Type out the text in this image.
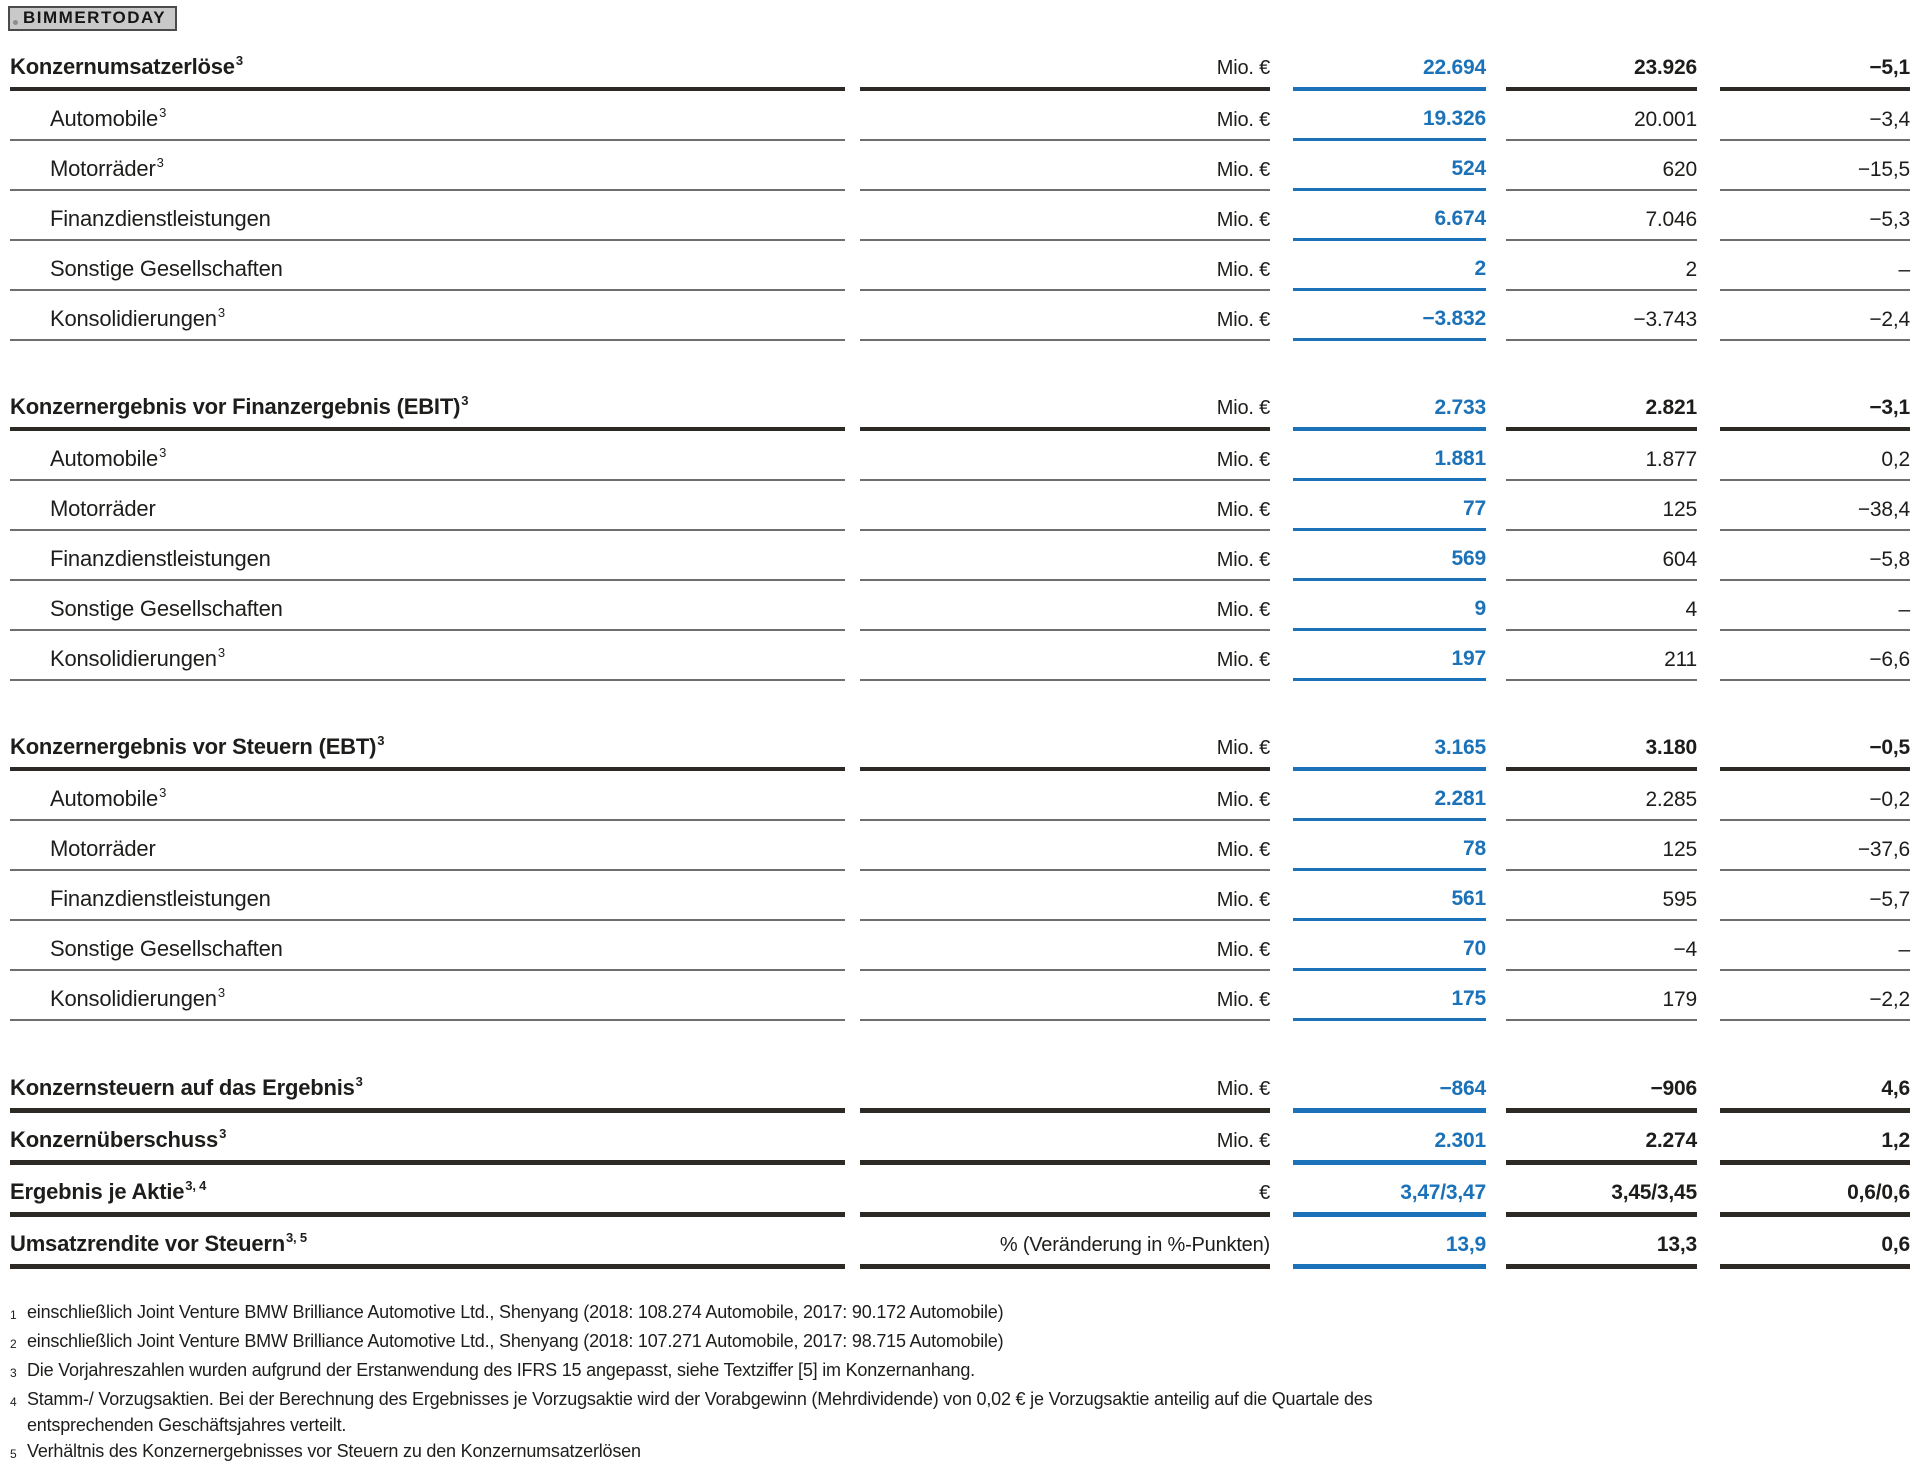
BIMMERTODAY
Konzernumsatzerlöse$^3$	Mio. €	22.694	23.926	−5,1
Automobile$^3$	Mio. €	19.326	20.001	−3,4
Motorräder$^3$	Mio. €	524	620	−15,5
Finanzdienstleistungen	Mio. €	6.674	7.046	−5,3
Sonstige Gesellschaften	Mio. €	2	2	–
Konsolidierungen$^3$	Mio. €	−3.832	−3.743	−2,4
Konzernergebnis vor Finanzergebnis (EBIT)$^3$	Mio. €	2.733	2.821	−3,1
Automobile$^3$	Mio. €	1.881	1.877	0,2
Motorräder	Mio. €	77	125	−38,4
Finanzdienstleistungen	Mio. €	569	604	−5,8
Sonstige Gesellschaften	Mio. €	9	4	–
Konsolidierungen$^3$	Mio. €	197	211	−6,6
Konzernergebnis vor Steuern (EBT)$^3$	Mio. €	3.165	3.180	−0,5
Automobile$^3$	Mio. €	2.281	2.285	−0,2
Motorräder	Mio. €	78	125	−37,6
Finanzdienstleistungen	Mio. €	561	595	−5,7
Sonstige Gesellschaften	Mio. €	70	−4	–
Konsolidierungen$^3$	Mio. €	175	179	−2,2
Konzernsteuern auf das Ergebnis$^3$	Mio. €	−864	−906	4,6
Konzernüberschuss$^3$	Mio. €	2.301	2.274	1,2
Ergebnis je Aktie$^{3, 4}$	€	3,47/3,47	3,45/3,45	0,6/0,6
Umsatzrendite vor Steuern$^{3, 5}$	% (Veränderung in %-Punkten)	13,9	13,3	0,6
1 einschließlich Joint Venture BMW Brilliance Automotive Ltd., Shenyang (2018: 108.274 Automobile, 2017: 90.172 Automobile)
2 einschließlich Joint Venture BMW Brilliance Automotive Ltd., Shenyang (2018: 107.271 Automobile, 2017: 98.715 Automobile)
3 Die Vorjahreszahlen wurden aufgrund der Erstanwendung des IFRS 15 angepasst, siehe Textziffer [5] im Konzernanhang.
4 Stamm-/ Vorzugsaktien. Bei der Berechnung des Ergebnisses je Vorzugsaktie wird der Vorabgewinn (Mehrdividende) von 0,02 € je Vorzugsaktie anteilig auf die Quartale des
entsprechenden Geschäftsjahres verteilt.
5 Verhältnis des Konzernergebnisses vor Steuern zu den Konzernumsatzerlösen
